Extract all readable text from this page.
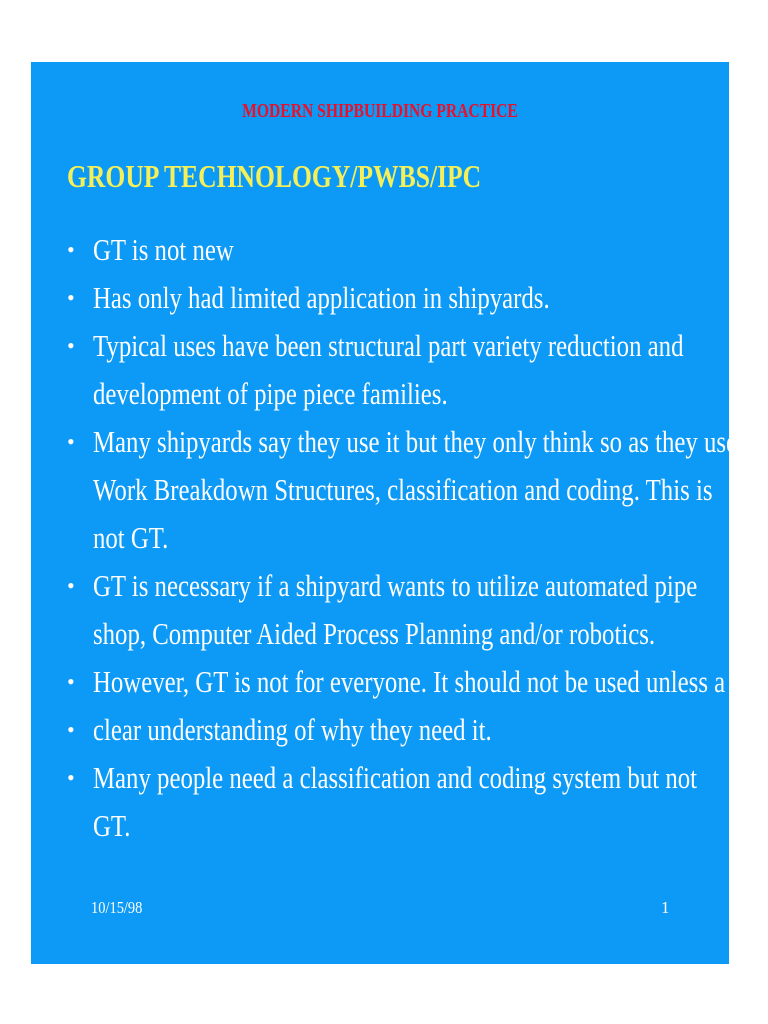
MODERN SHIPBUILDING PRACTICE
GROUP TECHNOLOGY/PWBS/IPC
• GT is not new
• Has only had limited application in shipyards.
• Typical uses have been structural part variety reduction and
development of pipe piece families.
• Many shipyards say they use it but they only think so as they use
Work Breakdown Structures, classification and coding. This is
not GT.
• GT is necessary if a shipyard wants to utilize automated pipe
shop, Computer Aided Process Planning and/or robotics.
• However, GT is not for everyone. It should not be used unless a
• clear understanding of why they need it.
• Many people need a classification and coding system but not
GT.
10/15/98	1
